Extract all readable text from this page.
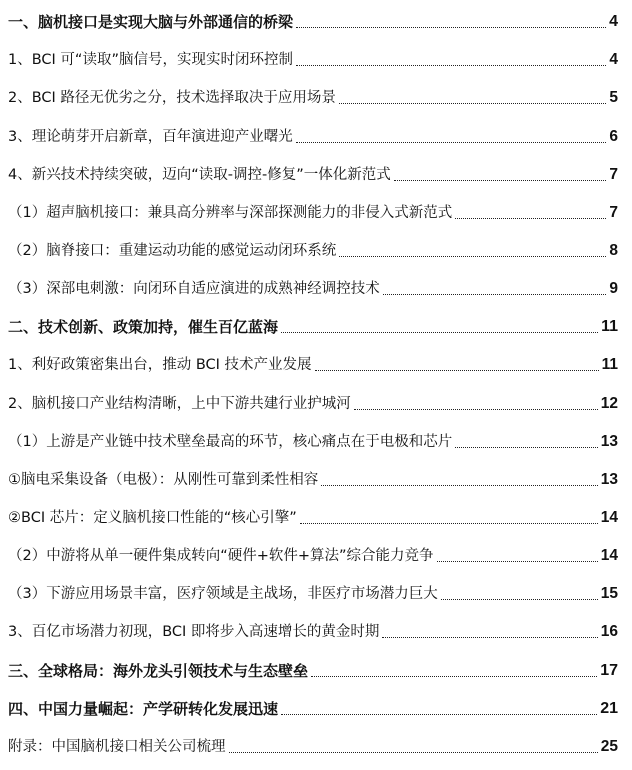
一、脑机接口是实现大脑与外部通信的桥梁	4
1、BCI 可“读取”脑信号，实现实时闭环控制	4
2、BCI 路径无优劣之分，技术选择取决于应用场景	5
3、理论萌芽开启新章，百年演进迎产业曙光	6
4、新兴技术持续突破，迈向“读取-调控-修复”一体化新范式	7
（1）超声脑机接口：兼具高分辨率与深部探测能力的非侵入式新范式	7
（2）脑脊接口：重建运动功能的感觉运动闭环系统	8
（3）深部电刺激：向闭环自适应演进的成熟神经调控技术	9
二、技术创新、政策加持，催生百亿蓝海	11
1、利好政策密集出台，推动 BCI 技术产业发展	11
2、脑机接口产业结构清晰，上中下游共建行业护城河	12
（1）上游是产业链中技术壁垒最高的环节，核心痛点在于电极和芯片	13
①脑电采集设备（电极）：从刚性可靠到柔性相容	13
②BCI 芯片：定义脑机接口性能的“核心引擎”	14
（2）中游将从单一硬件集成转向“硬件+软件+算法”综合能力竞争	14
（3）下游应用场景丰富，医疗领域是主战场，非医疗市场潜力巨大	15
3、百亿市场潜力初现，BCI 即将步入高速增长的黄金时期	16
三、全球格局：海外龙头引领技术与生态壁垒	17
四、中国力量崛起：产学研转化发展迅速	21
附录：中国脑机接口相关公司梳理	25
